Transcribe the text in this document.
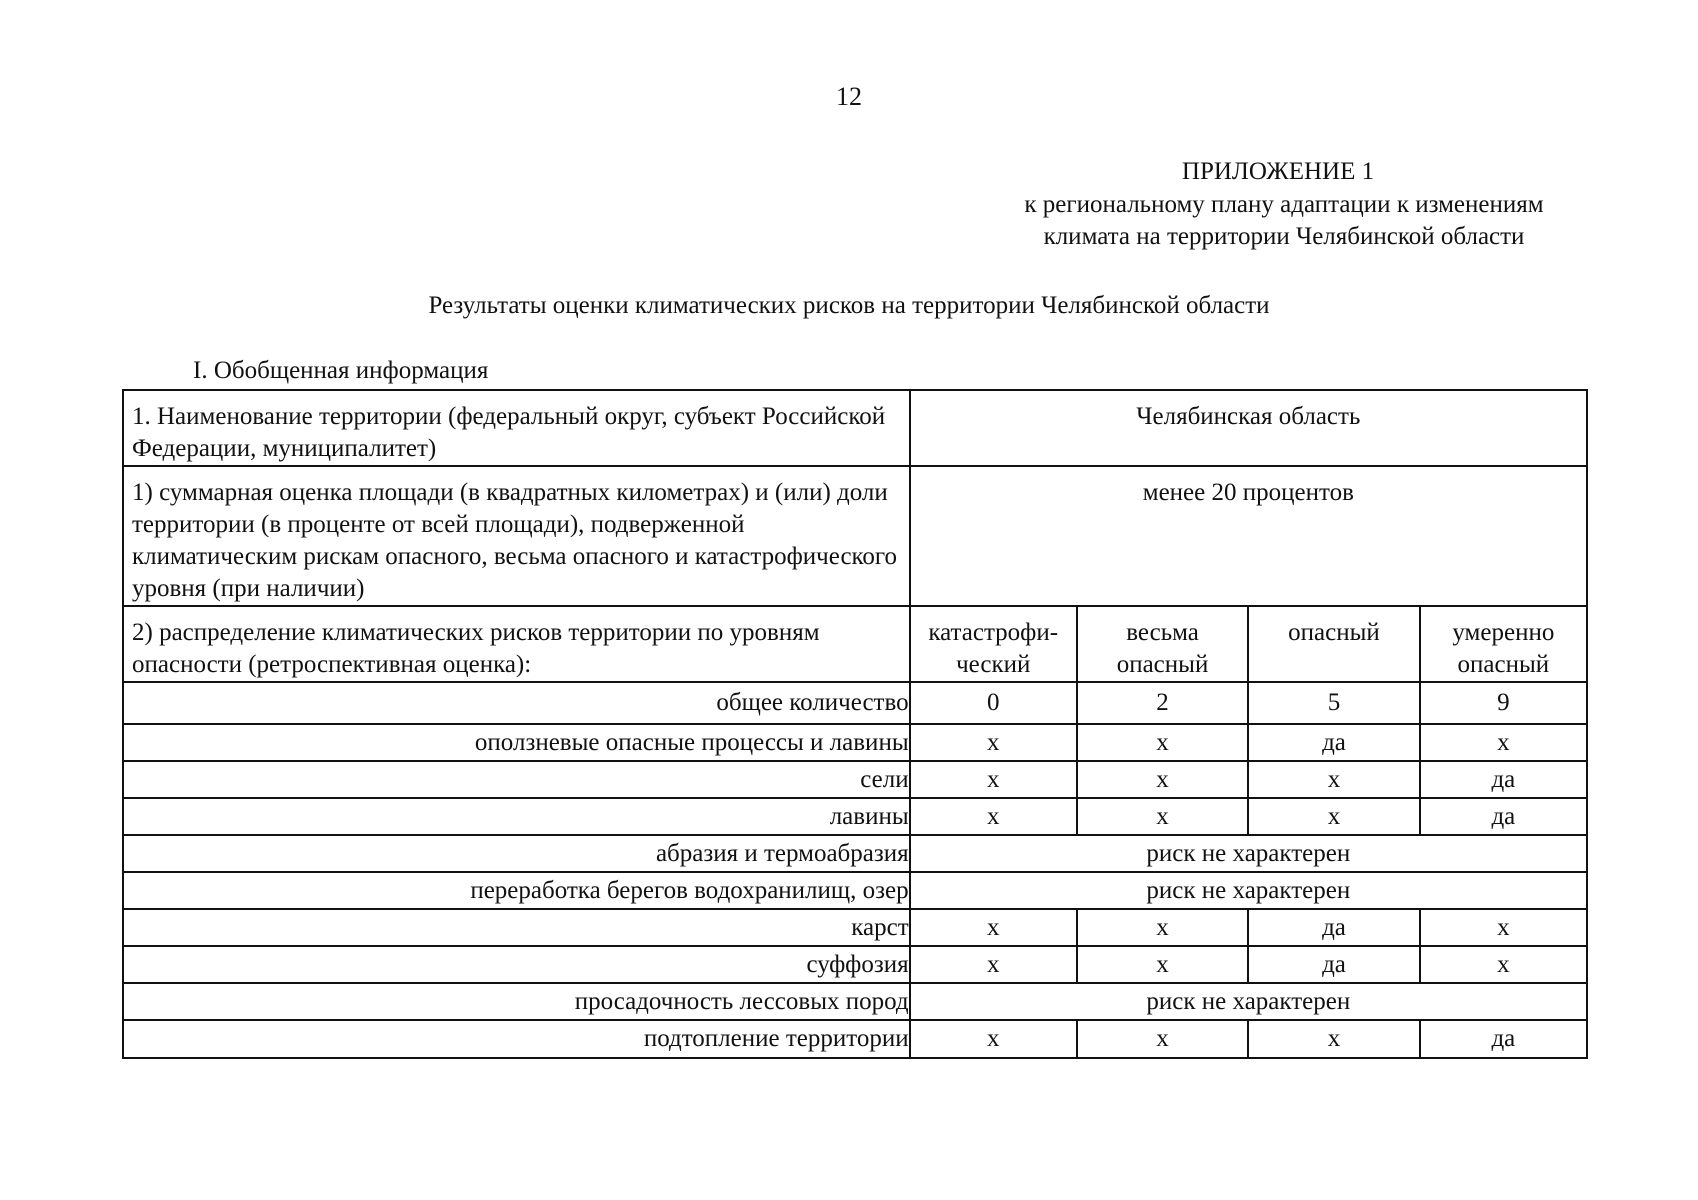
12
ПРИЛОЖЕНИЕ 1
к региональному плану адаптации к изменениям
климата на территории Челябинской области
Результаты оценки климатических рисков на территории Челябинской области
I. Обобщенная информация
1. Наименование территории (федеральный округ, субъект Российской Федерации, муниципалитет)	Челябинская область			
1) суммарная оценка площади (в квадратных километрах) и (или) доли территории (в проценте от всей площади), подверженной климатическим рискам опасного, весьма опасного и катастрофического уровня (при наличии)	менее 20 процентов			
2) распределение климатических рисков территории по уровням опасности (ретроспективная оценка):	катастрофи-ческий	весьма опасный	опасный	умеренно опасный
общее количество	0	2	5	9
оползневые опасные процессы и лавины	х	х	да	х
сели	х	х	х	да
лавины	х	х	х	да
абразия и термоабразия	риск не характерен			
переработка берегов водохранилищ, озер	риск не характерен			
карст	х	х	да	х
суффозия	х	х	да	х
просадочность лессовых пород	риск не характерен			
подтопление территории	х	х	х	да
